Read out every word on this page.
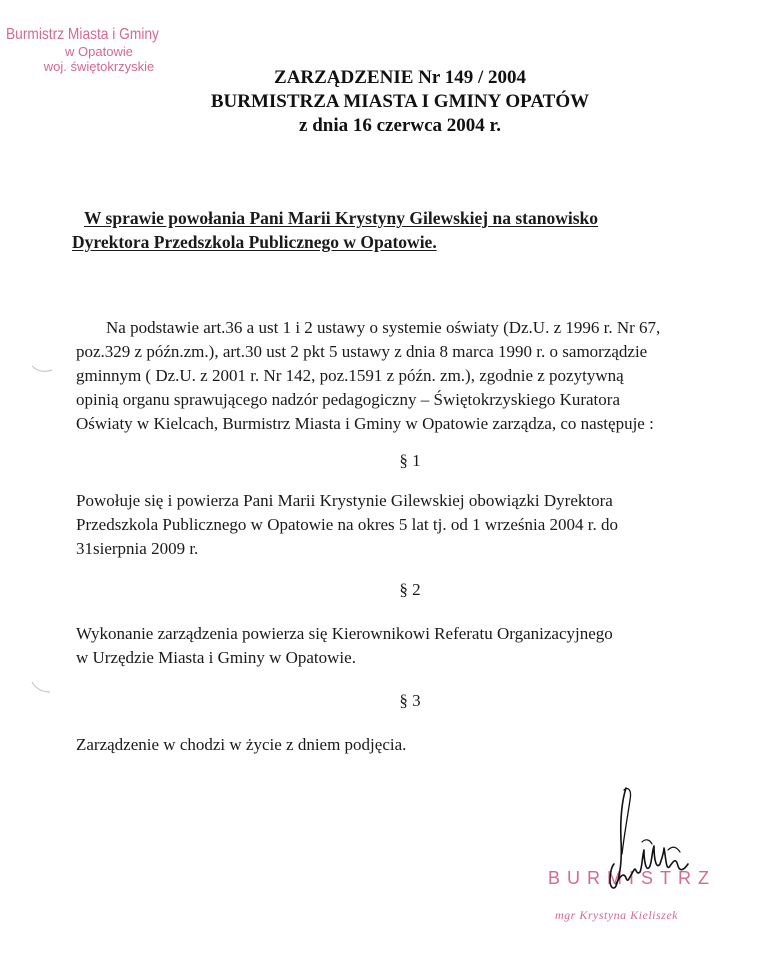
Burmistrz Miasta i Gminy
w Opatowie
woj. świętokrzyskie
ZARZĄDZENIE Nr 149 / 2004
BURMISTRZA MIASTA I GMINY OPATÓW
z dnia 16 czerwca 2004 r.
W sprawie powołania Pani Marii Krystyny Gilewskiej na stanowisko
Dyrektora Przedszkola Publicznego w Opatowie.
Na podstawie art.36 a ust 1 i 2 ustawy o systemie oświaty (Dz.U. z 1996 r. Nr 67,
poz.329 z późn.zm.), art.30 ust 2 pkt 5 ustawy z dnia 8 marca 1990 r. o samorządzie
gminnym ( Dz.U. z 2001 r. Nr 142, poz.1591 z późn. zm.), zgodnie z pozytywną
opinią organu sprawującego nadzór pedagogiczny – Świętokrzyskiego Kuratora
Oświaty w Kielcach, Burmistrz Miasta i Gminy w Opatowie zarządza, co następuje :
§ 1
Powołuje się i powierza Pani Marii Krystynie Gilewskiej obowiązki Dyrektora
Przedszkola Publicznego w Opatowie na okres 5 lat tj. od 1 września 2004 r. do
31sierpnia 2009 r.
§ 2
Wykonanie zarządzenia powierza się Kierownikowi Referatu Organizacyjnego
w Urzędzie Miasta i Gminy w Opatowie.
§ 3
Zarządzenie w chodzi w życie z dniem podjęcia.
BURMISTRZ
mgr Krystyna Kieliszek
